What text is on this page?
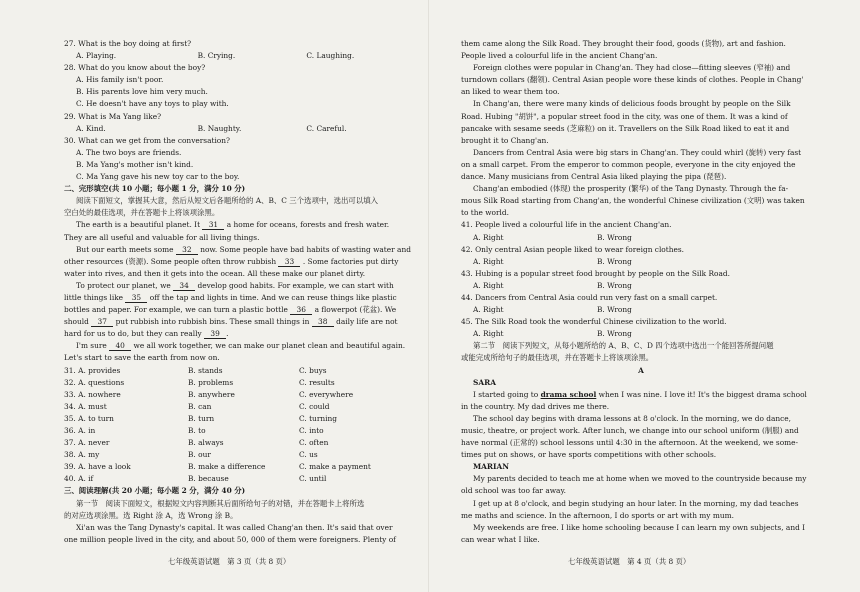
27. What is the boy doing at first?
A. Playing.	B. Crying.	C. Laughing.
28. What do you know about the boy?
A. His family isn't poor.
B. His parents love him very much.
C. He doesn't have any toys to play with.
29. What is Ma Yang like?
A. Kind.	B. Naughty.	C. Careful.
30. What can we get from the conversation?
A. The two boys are friends.
B. Ma Yang's mother isn't kind.
C. Ma Yang gave his new toy car to the boy.
二、完形填空(共 10 小题；每小题 1 分，满分 10 分)
阅读下面短文，掌握其大意，然后从短文后各题所给的 A、B、C 三个选项中，选出可以填入
空白处的最佳选项，并在答题卡上将该项涂黑。
The earth is a beautiful planet. It 31 a home for oceans, forests and fresh water.
They are all useful and valuable for all living things.
But our earth meets some 32 now. Some people have bad habits of wasting water and
other resources (资源). Some people often throw rubbish 33 . Some factories put dirty
water into rives, and then it gets into the ocean. All these make our planet dirty.
To protect our planet, we 34 develop good habits. For example, we can start with
little things like 35 off the tap and lights in time. And we can reuse things like plastic
bottles and paper. For example, we can turn a plastic bottle 36 a flowerpot (花盆). We
should 37 put rubbish into rubbish bins. These small things in 38 daily life are not
hard for us to do, but they can really 39 .
I'm sure 40 we all work together, we can make our planet clean and beautiful again.
Let's start to save the earth from now on.
31. A. provides	B. stands	C. buys
32. A. questions	B. problems	C. results
33. A. nowhere	B. anywhere	C. everywhere
34. A. must	B. can	C. could
35. A. to turn	B. turn	C. turning
36. A. in	B. to	C. into
37. A. never	B. always	C. often
38. A. my	B. our	C. us
39. A. have a look	B. make a difference	C. make a payment
40. A. if	B. because	C. until
三、阅读理解(共 20 小题；每小题 2 分，满分 40 分)
第一节　阅读下面短文，根据短文内容判断其后面所给句子的对错，并在答题卡上将所选
的对应选项涂黑。选 Right 涂 A，选 Wrong 涂 B。
Xi'an was the Tang Dynasty's capital. It was called Chang'an then. It's said that over
one million people lived in the city, and about 50, 000 of them were foreigners. Plenty of
七年级英语试题　第 3 页（共 8 页）
them came along the Silk Road. They brought their food, goods (货物), art and fashion.
People lived a colourful life in the ancient Chang'an.
Foreign clothes were popular in Chang'an. They had close—fitting sleeves (窄袖) and
turndown collars (翻领). Central Asian people wore these kinds of clothes. People in Chang'
an liked to wear them too.
In Chang'an, there were many kinds of delicious foods brought by people on the Silk
Road. Hubing "胡饼", a popular street food in the city, was one of them. It was a kind of
pancake with sesame seeds (芝麻粒) on it. Travellers on the Silk Road liked to eat it and
brought it to Chang'an.
Dancers from Central Asia were big stars in Chang'an. They could whirl (旋转) very fast
on a small carpet. From the emperor to common people, everyone in the city enjoyed the
dance. Many musicians from Central Asia liked playing the pipa (琵琶).
Chang'an embodied (体现) the prosperity (繁华) of the Tang Dynasty. Through the fa-
mous Silk Road starting from Chang'an, the wonderful Chinese civilization (文明) was taken
to the world.
41. People lived a colourful life in the ancient Chang'an.
A. Right	B. Wrong
42. Only central Asian people liked to wear foreign clothes.
A. Right	B. Wrong
43. Hubing is a popular street food brought by people on the Silk Road.
A. Right	B. Wrong
44. Dancers from Central Asia could run very fast on a small carpet.
A. Right	B. Wrong
45. The Silk Road took the wonderful Chinese civilization to the world.
A. Right	B. Wrong
第二节　阅读下列短文，从每小题所给的 A、B、C、D 四个选项中选出一个能回答所提问题
或能完成所给句子的最佳选项，并在答题卡上将该项涂黑。
A
SARA
I started going to drama school when I was nine. I love it! It's the biggest drama school
in the country. My dad drives me there.
The school day begins with drama lessons at 8 o'clock. In the morning, we do dance,
music, theatre, or project work. After lunch, we change into our school uniform (制服) and
have normal (正常的) school lessons until 4:30 in the afternoon. At the weekend, we some-
times put on shows, or have sports competitions with other schools.
MARIAN
My parents decided to teach me at home when we moved to the countryside because my
old school was too far away.
I get up at 8 o'clock, and begin studying an hour later. In the morning, my dad teaches
me maths and science. In the afternoon, I do sports or art with my mum.
My weekends are free. I like home schooling because I can learn my own subjects, and I
can wear what I like.
七年级英语试题　第 4 页（共 8 页）
